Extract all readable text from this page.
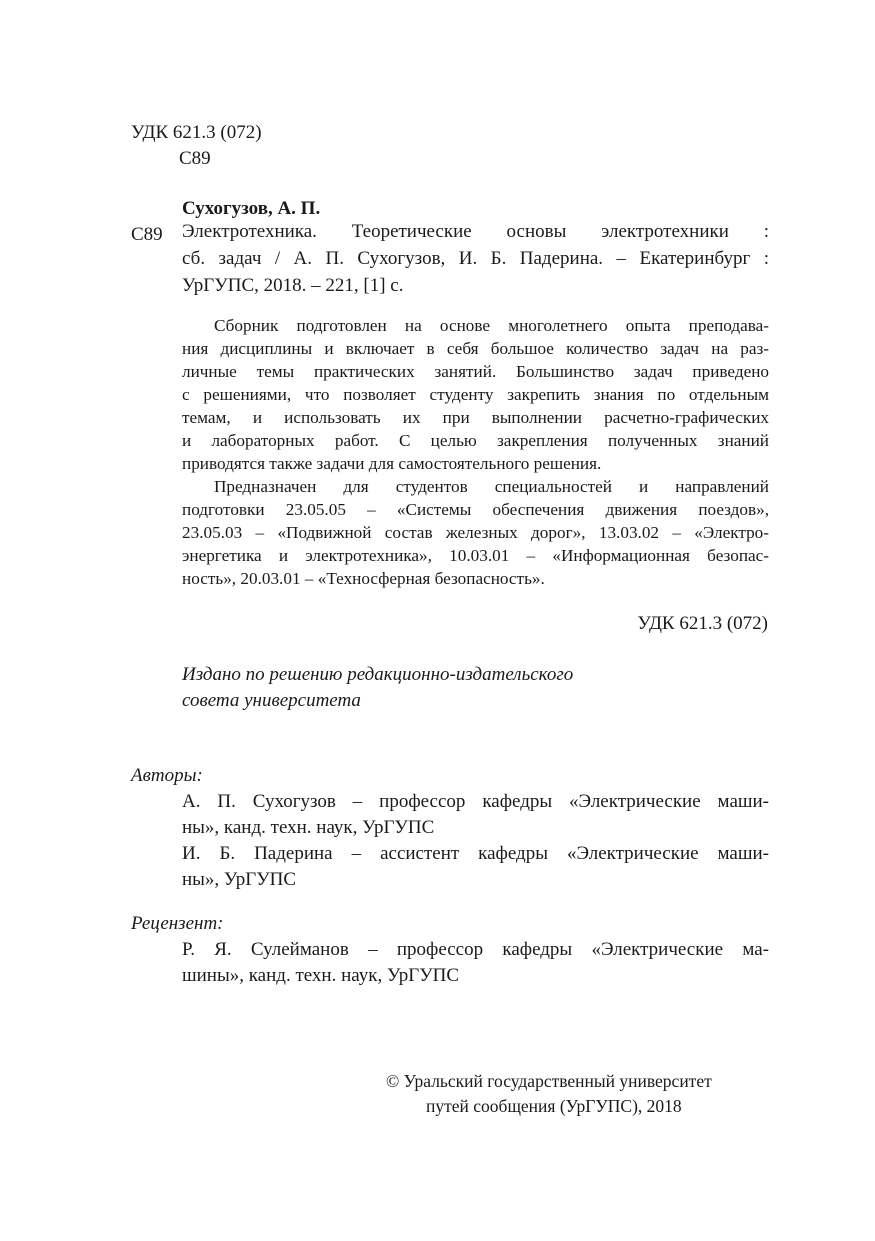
УДК 621.3 (072)
С89
Сухогузов, А. П.
С89 Электротехника. Теоретические основы электротехники :
сб. задач / А. П. Сухогузов, И. Б. Падерина. – Екатеринбург :
УрГУПС, 2018. – 221, [1] с.
Сборник подготовлен на основе многолетнего опыта преподава-
ния дисциплины и включает в себя большое количество задач на раз-
личные темы практических занятий. Большинство задач приведено
с решениями, что позволяет студенту закрепить знания по отдельным
темам, и использовать их при выполнении расчетно-графических
и лабораторных работ. С целью закрепления полученных знаний
приводятся также задачи для самостоятельного решения.
Предназначен для студентов специальностей и направлений
подготовки 23.05.05 – «Системы обеспечения движения поездов»,
23.05.03 – «Подвижной состав железных дорог», 13.03.02 – «Электро-
энергетика и электротехника», 10.03.01 – «Информационная безопас-
ность», 20.03.01 – «Техносферная безопасность».
УДК 621.3 (072)
Издано по решению редакционно-издательского
совета университета
Авторы:
А. П. Сухогузов – профессор кафедры «Электрические маши-
ны», канд. техн. наук, УрГУПС
И. Б. Падерина – ассистент кафедры «Электрические маши-
ны», УрГУПС
Рецензент:
Р. Я. Сулейманов – профессор кафедры «Электрические ма-
шины», канд. техн. наук, УрГУПС
© Уральский государственный университет
путей сообщения (УрГУПС), 2018
